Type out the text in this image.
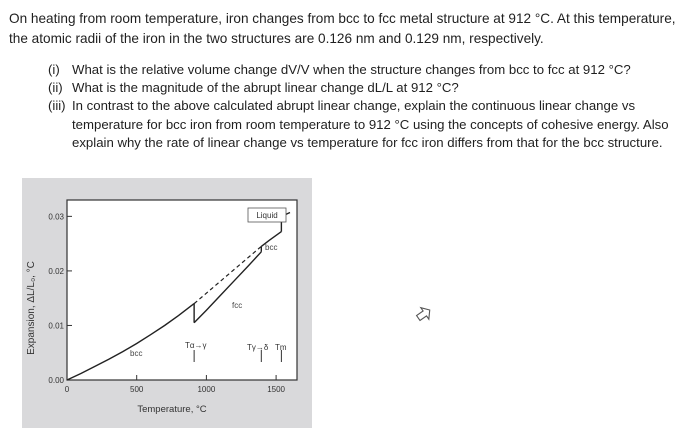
On heating from room temperature, iron changes from bcc to fcc metal structure at 912 °C. At this temperature, the atomic radii of the iron in the two structures are 0.126 nm and 0.129 nm, respectively.
(i) What is the relative volume change dV/V when the structure changes from bcc to fcc at 912 °C?
(ii) What is the magnitude of the abrupt linear change dL/L at 912 °C?
(iii) In contrast to the above calculated abrupt linear change, explain the continuous linear change vs temperature for bcc iron from room temperature to 912 °C using the concepts of cohesive energy. Also explain why the rate of linear change vs temperature for fcc iron differs from that for the bcc structure.
0.00
0.01
0.02
0.03
0	500	1000	1500
Expansion, ΔL/L₀, °C
Temperature, °C
bcc
fcc
bcc
Liquid
Tα→γ	Tγ→δ Tm
